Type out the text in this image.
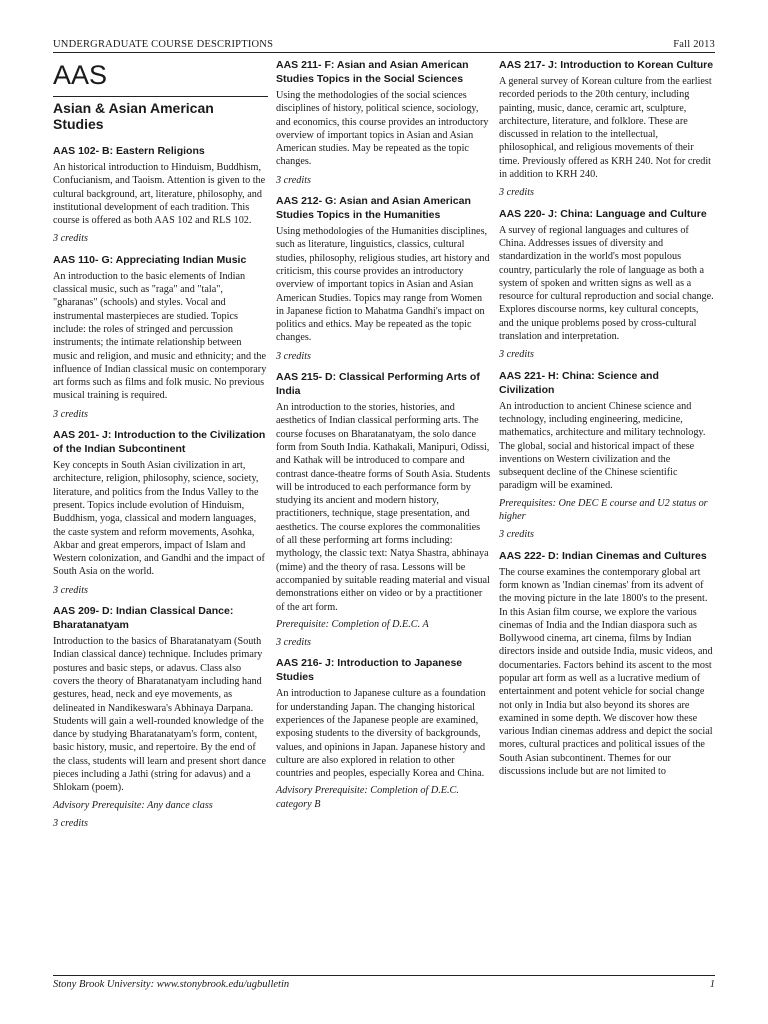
UNDERGRADUATE COURSE DESCRIPTIONS	Fall 2013
AAS
Asian & Asian American Studies

AAS 102- B: Eastern Religions

An historical introduction to Hinduism, Buddhism, Confucianism, and Taoism. Attention is given to the cultural background, art, literature, philosophy, and institutional development of each tradition. This course is offered as both AAS 102 and RLS 102.

3 credits

AAS 110- G: Appreciating Indian Music

An introduction to the basic elements of Indian classical music, such as "raga" and "tala", "gharanas" (schools) and styles. Vocal and instrumental masterpieces are studied. Topics include: the roles of stringed and percussion instruments; the intimate relationship between music and religion, and music and ethnicity; and the influence of Indian classical music on contemporary art forms such as films and folk music. No previous musical training is required.

3 credits

AAS 201- J: Introduction to the Civilization of the Indian Subcontinent

Key concepts in South Asian civilization in art, architecture, religion, philosophy, science, society, literature, and politics from the Indus Valley to the present. Topics include evolution of Hinduism, Buddhism, yoga, classical and modern languages, the caste system and reform movements, Asohka, Akbar and great emperors, impact of Islam and Western colonization, and Gandhi and the impact of South Asia on the world.

3 credits

AAS 209- D: Indian Classical Dance: Bharatanatyam

Introduction to the basics of Bharatanatyam (South Indian classical dance) technique. Includes primary postures and basic steps, or adavus. Class also covers the theory of Bharatanatyam including hand gestures, head, neck and eye movements, as delineated in Nandikeswara's Abhinaya Darpana. Students will gain a well-rounded knowledge of the dance by studying Bharatanatyam's form, content, basic history, music, and repertoire. By the end of the class, students will learn and present short dance pieces including a Jathi (string for adavus) and a Shlokam (poem).

Advisory Prerequisite: Any dance class

3 credits

AAS 211- F: Asian and Asian American Studies Topics in the Social Sciences

Using the methodologies of the social sciences disciplines of history, political science, sociology, and economics, this course provides an introductory overview of important topics in Asian and Asian American studies. May be repeated as the topic changes.

3 credits

AAS 212- G: Asian and Asian American Studies Topics in the Humanities

Using methodologies of the Humanities disciplines, such as literature, linguistics, classics, cultural studies, philosophy, religious studies, art history and criticism, this course provides an introductory overview of important topics in Asian and Asian American Studies. Topics may range from Women in Japanese fiction to Mahatma Gandhi's impact on politics and ethics. May be repeated as the topic changes.

3 credits

AAS 215- D: Classical Performing Arts of India

An introduction to the stories, histories, and aesthetics of Indian classical performing arts. The course focuses on Bharatanatyam, the solo dance form from South India. Kathakali, Manipuri, Odissi, and Kathak will be introduced to compare and contrast dance-theatre forms of South Asia. Students will be introduced to each performance form by studying its ancient and modern history, practitioners, technique, stage presentation, and aesthetics. The course explores the commonalities of all these performing art forms including: mythology, the classic text: Natya Shastra, abhinaya (mime) and the theory of rasa. Lessons will be accompanied by suitable reading material and visual demonstrations either on video or by a practitioner of the art form.

Prerequisite: Completion of D.E.C. A

3 credits

AAS 216- J: Introduction to Japanese Studies

An introduction to Japanese culture as a foundation for understanding Japan. The changing historical experiences of the Japanese people are examined, exposing students to the diversity of backgrounds, values, and opinions in Japan. Japanese history and culture are also explored in relation to other countries and peoples, especially Korea and China.

Advisory Prerequisite: Completion of D.E.C. category B

AAS 217- J: Introduction to Korean Culture

A general survey of Korean culture from the earliest recorded periods to the 20th century, including painting, music, dance, ceramic art, sculpture, architecture, literature, and folklore. These are discussed in relation to the intellectual, philosophical, and religious movements of their time. Previously offered as KRH 240. Not for credit in addition to KRH 240.

3 credits

AAS 220- J: China: Language and Culture

A survey of regional languages and cultures of China. Addresses issues of diversity and standardization in the world's most populous country, particularly the role of language as both a system of spoken and written signs as well as a resource for cultural reproduction and social change. Explores discourse norms, key cultural concepts, and the unique problems posed by cross-cultural translation and interpretation.

3 credits

AAS 221- H: China: Science and Civilization

An introduction to ancient Chinese science and technology, including engineering, medicine, mathematics, architecture and military technology. The global, social and historical impact of these inventions on Western civilization and the subsequent decline of the Chinese scientific paradigm will be examined.

Prerequisites: One DEC E course and U2 status or higher

3 credits

AAS 222- D: Indian Cinemas and Cultures

The course examines the contemporary global art form known as 'Indian cinemas' from its advent of the moving picture in the late 1800's to the present. In this Asian film course, we explore the various cinemas of India and the Indian diaspora such as Bollywood cinema, art cinema, films by Indian directors inside and outside India, music videos, and documentaries. Factors behind its ascent to the most popular art form as well as a lucrative medium of entertainment and potent vehicle for social change not only in India but also beyond its shores are examined in some depth. We discover how these various Indian cinemas address and depict the social mores, cultural practices and political issues of the South Asian subcontinent. Themes for our discussions include but are not limited to

Stony Brook University: www.stonybrook.edu/ugbulletin	1
